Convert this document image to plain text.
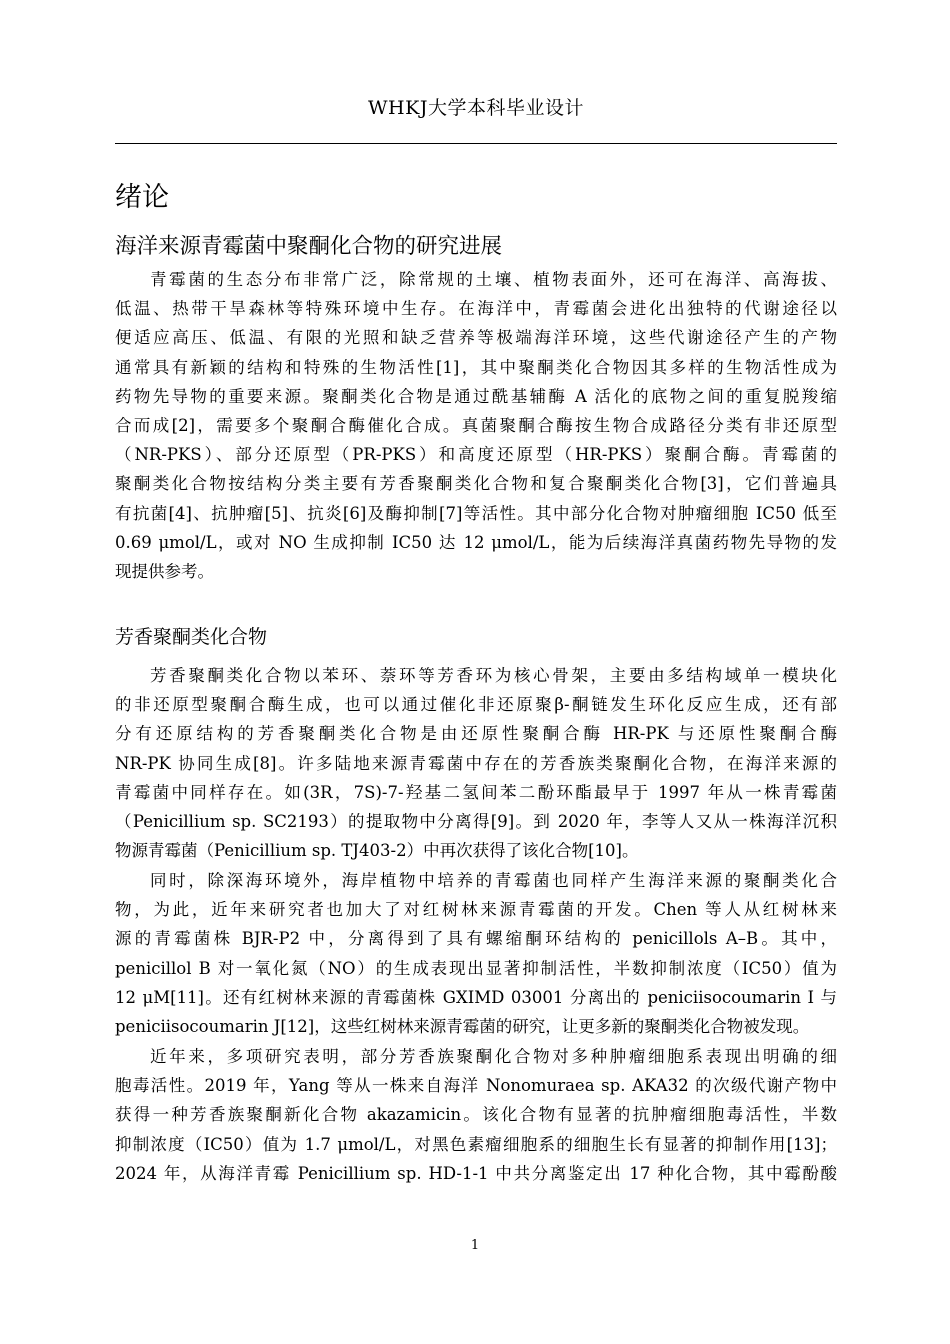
WHKJ大学本科毕业设计
绪论
海洋来源青霉菌中聚酮化合物的研究进展
青霉菌的生态分布非常广泛，除常规的土壤、植物表面外，还可在海洋、高海拔、
低温、热带干旱森林等特殊环境中生存。在海洋中，青霉菌会进化出独特的代谢途径以
便适应高压、低温、有限的光照和缺乏营养等极端海洋环境，这些代谢途径产生的产物
通常具有新颖的结构和特殊的生物活性[1]，其中聚酮类化合物因其多样的生物活性成为
药物先导物的重要来源。聚酮类化合物是通过酰基辅酶 A 活化的底物之间的重复脱羧缩
合而成[2]，需要多个聚酮合酶催化合成。真菌聚酮合酶按生物合成路径分类有非还原型
（NR-PKS）、部分还原型（PR-PKS）和高度还原型（HR-PKS）聚酮合酶。青霉菌的
聚酮类化合物按结构分类主要有芳香聚酮类化合物和复合聚酮类化合物[3]，它们普遍具
有抗菌[4]、抗肿瘤[5]、抗炎[6]及酶抑制[7]等活性。其中部分化合物对肿瘤细胞 IC50 低至
0.69 μmol/L，或对 NO 生成抑制 IC50 达 12 μmol/L，能为后续海洋真菌药物先导物的发
现提供参考。
芳香聚酮类化合物
芳香聚酮类化合物以苯环、萘环等芳香环为核心骨架，主要由多结构域单一模块化
的非还原型聚酮合酶生成，也可以通过催化非还原聚β-酮链发生环化反应生成，还有部
分有还原结构的芳香聚酮类化合物是由还原性聚酮合酶 HR-PK 与还原性聚酮合酶
NR-PK 协同生成[8]。许多陆地来源青霉菌中存在的芳香族类聚酮化合物，在海洋来源的
青霉菌中同样存在。如(3R，7S)-7-羟基二氢间苯二酚环酯最早于 1997 年从一株青霉菌
（Penicillium sp. SC2193）的提取物中分离得[9]。到 2020 年，李等人又从一株海洋沉积
物源青霉菌（Penicillium sp. TJ403-2）中再次获得了该化合物[10]。
同时，除深海环境外，海岸植物中培养的青霉菌也同样产生海洋来源的聚酮类化合
物，为此，近年来研究者也加大了对红树林来源青霉菌的开发。Chen 等人从红树林来
源的青霉菌株 BJR-P2 中，分离得到了具有螺缩酮环结构的 penicillols A–B。其中，
penicillol B 对一氧化氮（NO）的生成表现出显著抑制活性，半数抑制浓度（IC50）值为
12 μM[11]。还有红树林来源的青霉菌株 GXIMD 03001 分离出的 peniciisocoumarin I 与
peniciisocoumarin J[12]，这些红树林来源青霉菌的研究，让更多新的聚酮类化合物被发现。
近年来，多项研究表明，部分芳香族聚酮化合物对多种肿瘤细胞系表现出明确的细
胞毒活性。2019 年，Yang 等从一株来自海洋 Nonomuraea sp. AKA32 的次级代谢产物中
获得一种芳香族聚酮新化合物 akazamicin。该化合物有显著的抗肿瘤细胞毒活性，半数
抑制浓度（IC50）值为 1.7 μmol/L，对黑色素瘤细胞系的细胞生长有显著的抑制作用[13]；
2024 年，从海洋青霉 Penicillium sp. HD-1-1 中共分离鉴定出 17 种化合物，其中霉酚酸
1
